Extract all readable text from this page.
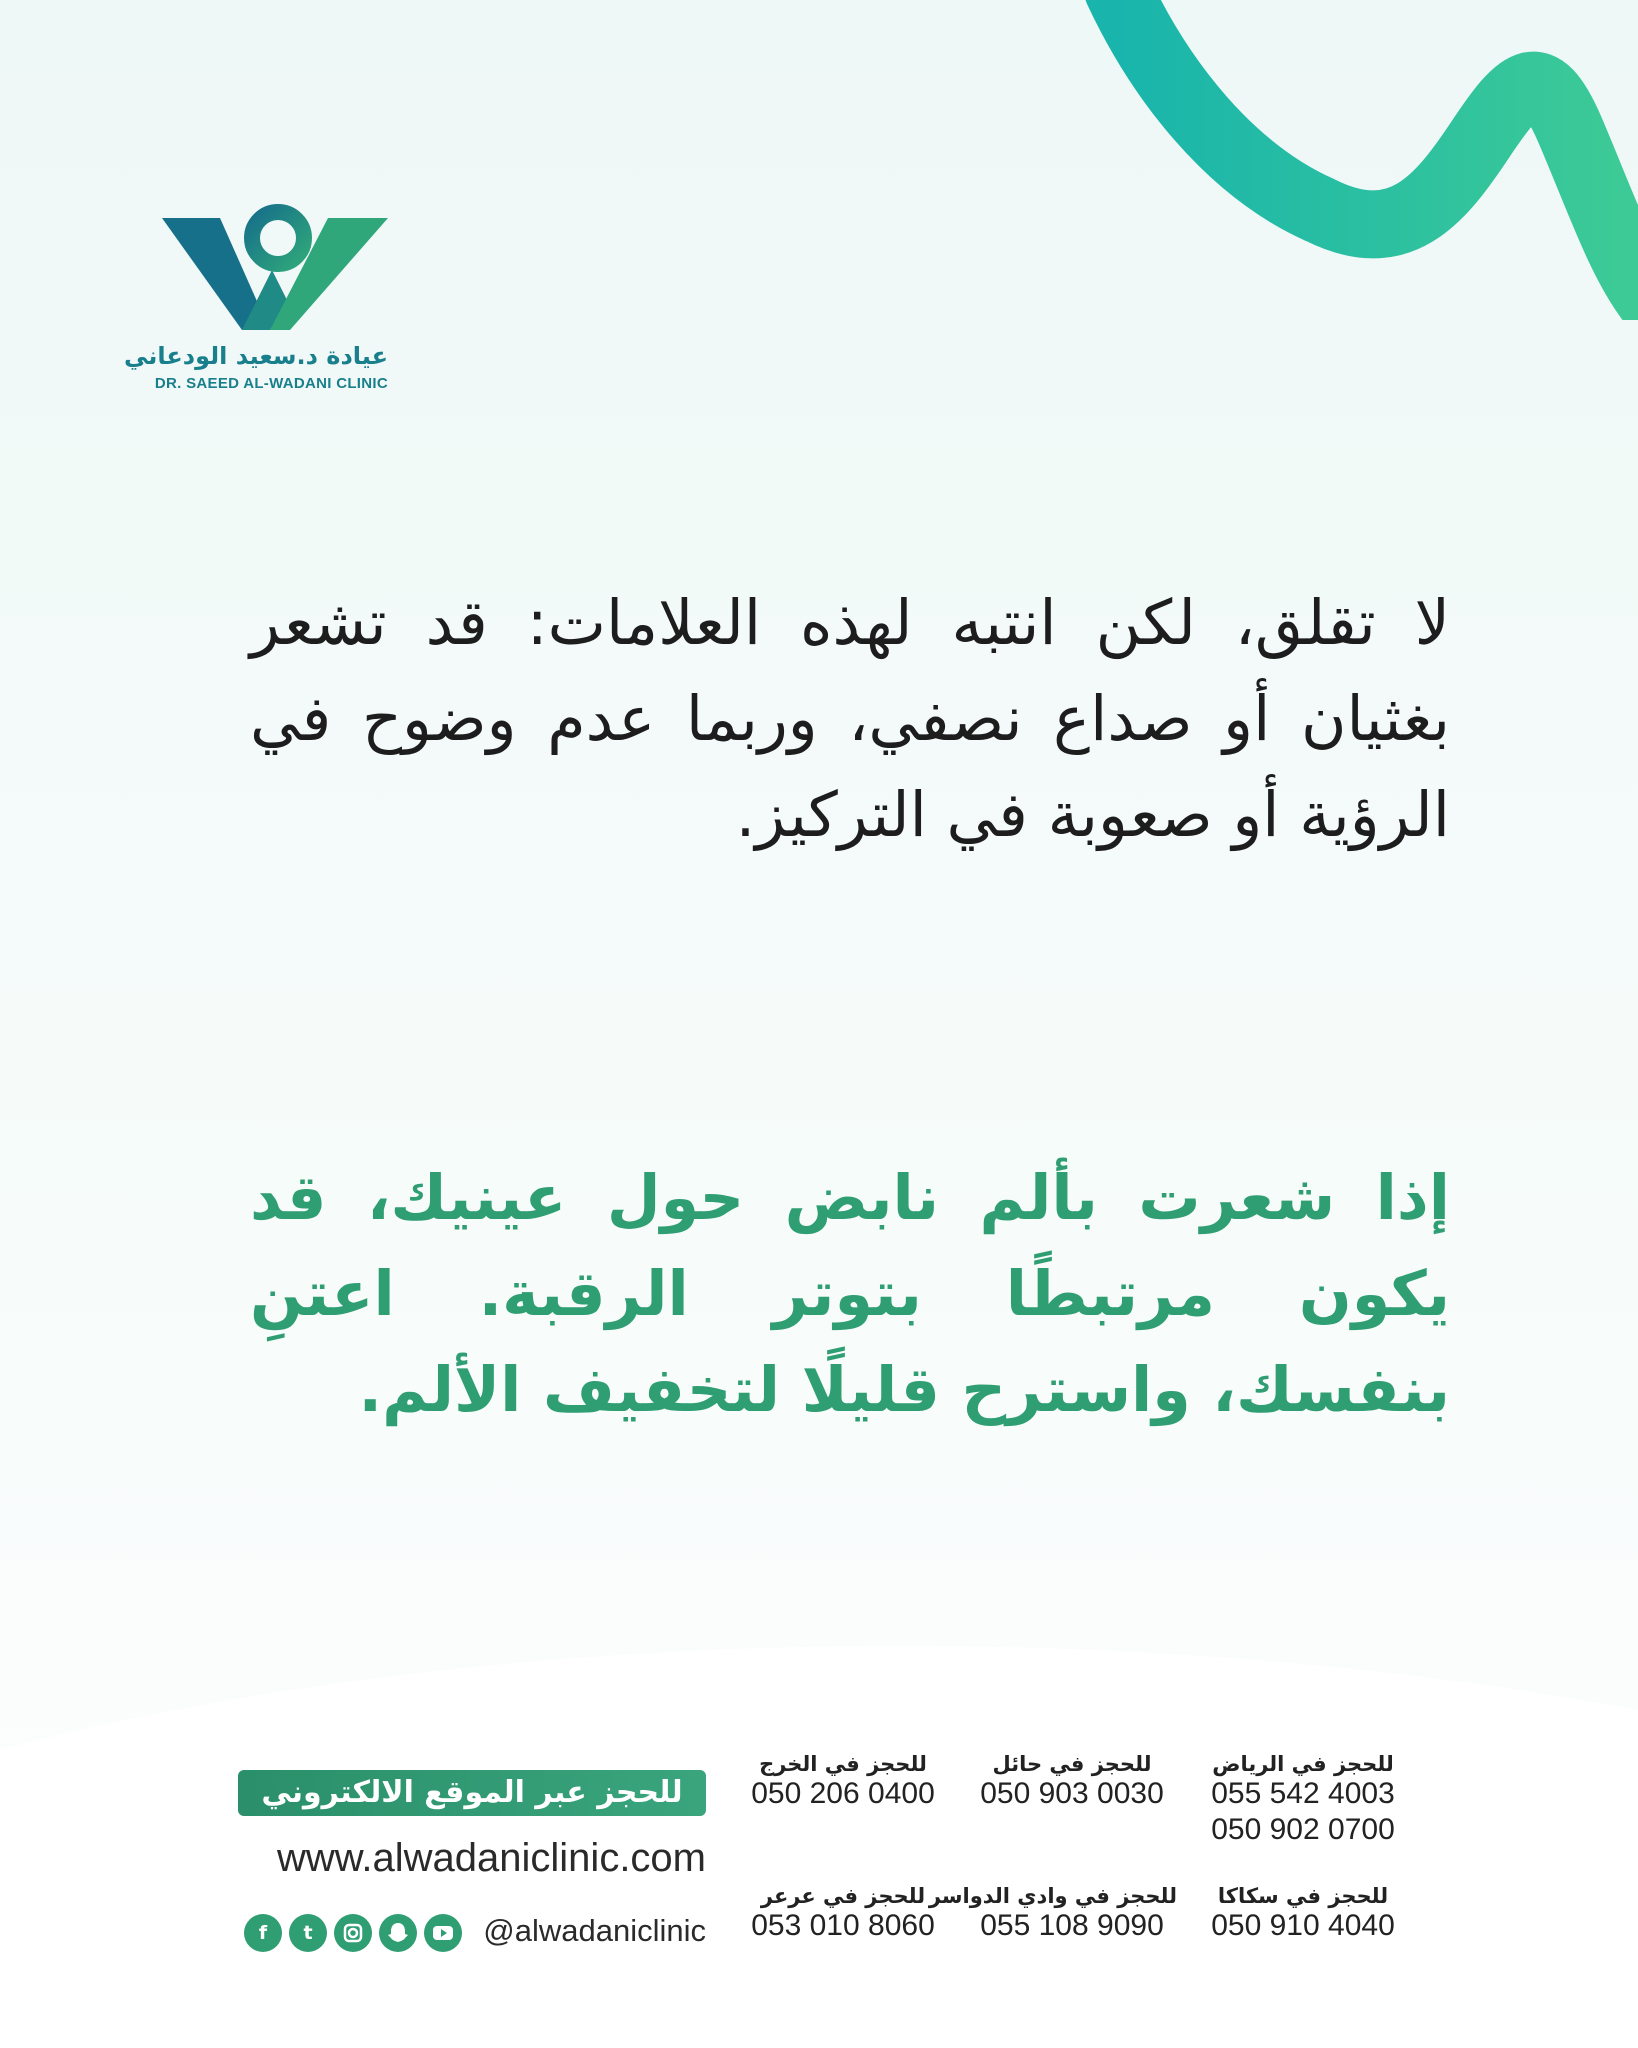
عيادة د.سعيد الودعاني
DR. SAEED AL-WADANI CLINIC
لا تقلق، لكن انتبه لهذه العلامات: قد تشعر بغثيان أو صداع نصفي، وربما عدم وضوح في الرؤية أو صعوبة في التركيز.
إذا شعرت بألم نابض حول عينيك، قد يكون مرتبطًا بتوتر الرقبة. اعتنِ بنفسك، واسترح قليلًا لتخفيف الألم.
للحجز عبر الموقع الالكتروني
www.alwadaniclinic.com
f	t	@alwadaniclinic
للحجز في الرياض
055 542 4003
050 902 0700
للحجز في حائل
050 903 0030
للحجز في الخرج
050 206 0400
للحجز في سكاكا
050 910 4040
للحجز في وادي الدواسر
055 108 9090
للحجز في عرعر
053 010 8060
